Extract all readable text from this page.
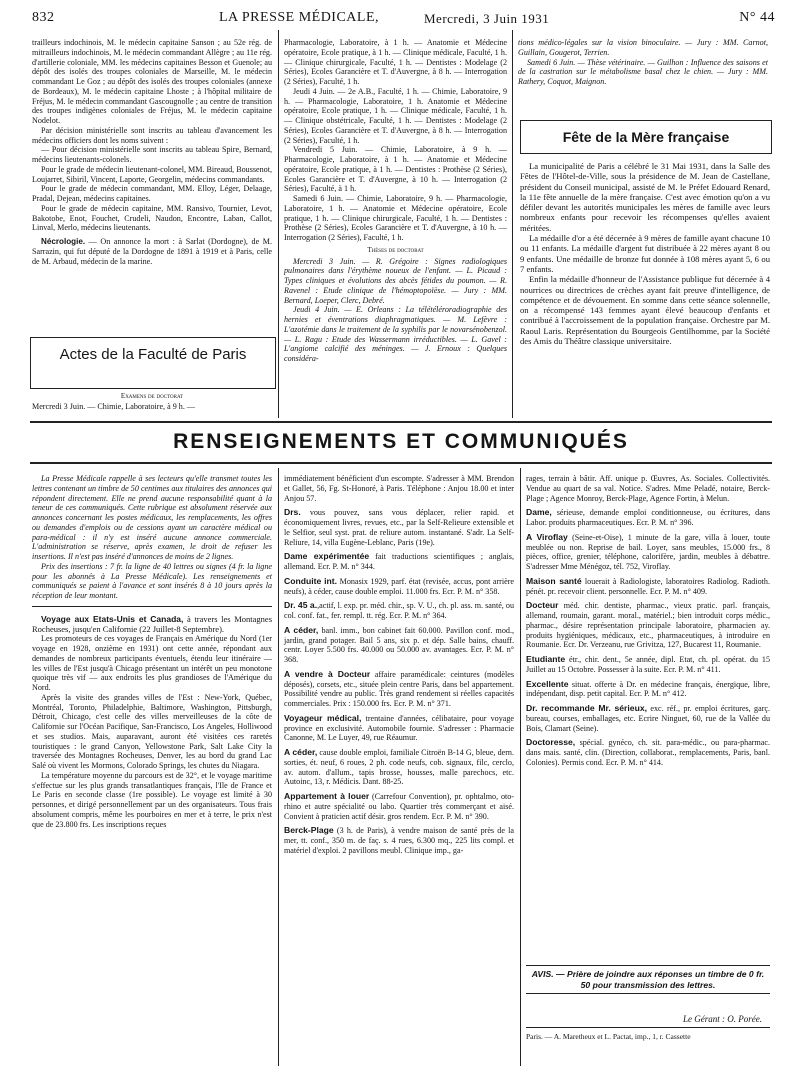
832	LA PRESSE MÉDICALE,	Mercredi, 3 Juin 1931	N° 44

trailleurs indochinois, M. le médecin capitaine Sanson ; au 52e rég. de mitrailleurs indochinois, M. le médecin commandant Allègre ; au 11e rég. d'artillerie coloniale, MM. les médecins capitaines Besson et Guenole; au dépôt des isolés des troupes coloniales de Marseille, M. le médecin commandant Le Goz ; au dépôt des isolés des troupes coloniales (annexe de Bordeaux), M. le médecin capitaine Lhoste ; à l'hôpital militaire de Fréjus, M. le médecin commandant Gascougnolle ; au centre de transition des troupes indigènes coloniales de Fréjus, M. le médecin capitaine Nodelot.

Par décision ministérielle sont inscrits au tableau d'avancement les médecins officiers dont les noms suivent :

— Pour décision ministérielle sont inscrits au tableau Spire, Bernard, médecins lieutenants-colonels.

Pour le grade de médecin lieutenant-colonel, MM. Bireaud, Boussenot, Loujarret, Sibiril, Vincent, Laporte, Georgelin, médecins commandants.

Pour le grade de médecin commandant, MM. Elloy, Léger, Delaage, Pradal, Dejean, médecins capitaines.

Pour le grade de médecin capitaine, MM. Ransivo, Tournier, Levot, Bakotobe, Enot, Fouchet, Crudeli, Naudon, Encontre, Laban, Callot, Linval, Merlo, médecins lieutenants.

Nécrologie. — On annonce la mort : à Sarlat (Dordogne), de M. Sarrazin, qui fut député de la Dordogne de 1891 à 1919 et à Paris, celle de M. Arbaud, médecin de la marine.

Actes de la Faculté de Paris
Examens de doctorat
Mercredi 3 Juin. — Chimie, Laboratoire, à 9 h. —

Pharmacologie, Laboratoire, à 1 h. — Anatomie et Médecine opératoire, Ecole pratique, à 1 h. — Clinique médicale, Faculté, 1 h. — Clinique chirurgicale, Faculté, 1 h. — Dentistes : Modelage (2 Séries), Ecoles Garancière et T. d'Auvergne, à 8 h. — Interrogation (2 Séries), Faculté, 1 h.

Jeudi 4 Juin. — 2e A.B., Faculté, 1 h. — Chimie, Laboratoire, 9 h. — Pharmacologie, Laboratoire, 1 h. Anatomie et Médecine opératoire, Ecole pratique, 1 h. — Clinique médicale, Faculté, 1 h. — Clinique obstétricale, Faculté, 1 h. — Dentistes : Modelage (2 Séries), Ecoles Garancière et T. d'Auvergne, à 8 h. — Interrogation (2 Séries), Faculté, 1 h.

Vendredi 5 Juin. — Chimie, Laboratoire, à 9 h. — Pharmacologie, Laboratoire, à 1 h. — Anatomie et Médecine opératoire, Ecole pratique, à 1 h. — Dentistes : Prothèse (2 Séries), Ecoles Garancière et T. d'Auvergne, à 10 h. — Interrogation (2 Séries), Faculté, à 1 h.

Samedi 6 Juin. — Chimie, Laboratoire, 9 h. — Pharmacologie, Laboratoire, 1 h. — Anatomie et Médecine opératoire, Ecole pratique, 1 h. — Clinique chirurgicale, Faculté, 1 h. — Dentistes : Prothèse (2 Séries), Ecoles Garancière et T. d'Auvergne, à 10 h. — Interrogation (2 Séries), Faculté, 1 h.

Thèses de doctorat

Mercredi 3 Juin. — R. Grégoire : Signes radiologiques pulmonaires dans l'érythème noueux de l'enfant. — L. Picaud : Types cliniques et évolutions des abcès fétides du poumon. — R. Ravenel : Etude clinique de l'hémoptopoïèse. — Jury : MM. Bernard, Loeper, Clerc, Debré.

Jeudi 4 Juin. — E. Orleans : La télétéléroradiographie des hernies et éventrations diaphragmatiques. — M. Lefèvre : L'azotémie dans le traitement de la syphilis par le novarsénobenzol. — L. Ragu : Etude des Wassermann irréductibles. — L. Gavel : L'angiome calcifié des méninges. — J. Ernoux : Quelques considéra-

tions médico-légales sur la vision binoculaire. — Jury : MM. Carnot, Guillain, Gougerot, Terrien.

Samedi 6 Juin. — Thèse vétérinaire. — Guilhon : Influence des saisons et de la castration sur le métabolisme basal chez le chien. — Jury : MM. Rathery, Coquot, Maignon.

Fête de la Mère française

La municipalité de Paris a célébré le 31 Mai 1931, dans la Salle des Fêtes de l'Hôtel-de-Ville, sous la présidence de M. Jean de Castellane, président du Conseil municipal, assisté de M. le Préfet Edouard Renard, la 11e fête annuelle de la mère française. C'est avec émotion qu'on a vu défiler devant les autorités municipales les mères de famille avec leurs nombreux enfants pour recevoir les récompenses qu'elles avaient méritées.

La médaille d'or a été décernée à 9 mères de famille ayant chacune 10 ou 11 enfants. La médaille d'argent fut distribuée à 22 mères ayant 8 ou 9 enfants. Une médaille de bronze fut donnée à 108 mères ayant 5, 6 ou 7 enfants.

Enfin la médaille d'honneur de l'Assistance publique fut décernée à 4 nourrices ou directrices de crèches ayant fait preuve d'intelligence, de compétence et de dévouement. En somme dans cette séance solennelle, on a récompensé 143 femmes ayant élevé beaucoup d'enfants et contribué à l'accroissement de la population française. Orchestre par M. Raoul Laris. Représentation du Bourgeois Gentilhomme, par la Société des Amis du Théâtre classique universitaire.

RENSEIGNEMENTS ET COMMUNIQUÉS

La Presse Médicale rappelle à ses lecteurs qu'elle transmet toutes les lettres contenant un timbre de 50 centimes aux titulaires des annonces qui répondent directement. Elle ne prend aucune responsabilité quant à la teneur de ces communiqués. Cette rubrique est absolument réservée aux annonces concernant les postes médicaux, les remplacements, les offres ou demandes d'emplois ou de cessions ayant un caractère médical ou para-médical : il n'y est inséré aucune annonce commerciale. L'administration se réserve, après examen, le droit de refuser les insertions. Il n'est pas inséré d'annonces de moins de 2 lignes.

Prix des insertions : 7 fr. la ligne de 40 lettres ou signes (4 fr. la ligne pour les abonnés à La Presse Médicale). Les renseignements et communiqués se paient à l'avance et sont insérés 8 à 10 jours après la réception de leur montant.

Voyage aux Etats-Unis et Canada, à travers les Montagnes Rocheuses, jusqu'en Californie (22 Juillet-8 Septembre).

Les promoteurs de ces voyages de Français en Amérique du Nord (1er voyage en 1928, onzième en 1931) ont cette année, répondant aux demandes de nombreux participants éventuels, étendu leur itinéraire — les villes de l'Est jusqu'à Chicago présentant un intérêt un peu monotone quoique très vif — aux endroits les plus grandioses de l'Amérique du Nord.

Après la visite des grandes villes de l'Est : New-York, Québec, Montréal, Toronto, Philadelphie, Baltimore, Washington, Pittsburgh, Détroit, Chicago, c'est celle des villes merveilleuses de la côte de Californie sur l'Océan Pacifique, San-Francisco, Los Angeles, Holliwood et ses studios. Mais, auparavant, auront été visitées ces raretés touristiques : le grand Canyon, Yellowstone Park, Salt Lake City la traversée des Montagnes Rocheuses, Denver, les au bord du grand Lac Salé où vivent les Mormons, Colorado Springs, les chutes du Niagara.

La température moyenne du parcours est de 32°, et le voyage maritime s'effectue sur les plus grands transatlantiques français, l'Ile de France et Le Paris en seconde classe (1re possible). Le voyage est limité à 30 personnes, et dirigé personnellement par un des organisateurs. Tous frais absolument compris, même les pourboires en mer et à terre, le prix n'est que de 23.800 frs. Les inscriptions reçues

immédiatement bénéficient d'un escompte. S'adresser à MM. Brendon et Gallet, 56, Fg. St-Honoré, à Paris. Téléphone : Anjou 18.00 et inter Anjou 57.
Drs. vous pouvez, sans vous déplacer, relier rapid. et économiquement livres, revues, etc., par la Self-Relieure extensible et le Selfior, seul syst. prat. de reliure autom. instantané. S'adr. La Self-Reliure, 14, villa Eugène-Leblanc, Paris (19e).
Dame expérimentée fait traductions scientifiques ; anglais, allemand. Ecr. P. M. n° 344.
Conduite int. Monasix 1929, parf. état (revisée, accus, pont arrière neufs), à céder, cause double emploi. 11.000 frs. Ecr. P. M. n° 358.
Dr. 45 a.,actif, l. exp. pr. méd. chir., sp. V. U., ch. pl. ass. m. santé, ou col. conf. fat., fer. rempl. tt. rég. Ecr. P. M. n° 364.
A céder, banl. imm., bon cabinet fait 60.000. Pavillon conf. mod., jardin, grand potager. Bail 5 ans, six p. et dép. Salle bains, chauff. centr. Loyer 5.500 frs. 40.000 ou 50.000 av. avantages. Ecr. P. M. n° 368.
A vendre à Docteur affaire paramédicale: ceintures (modèles déposés), corsets, etc., située plein centre Paris, dans bel appartement. Possibilité vendre au public. Très grand rendement si réelles capacités commerciales. Prix : 150.000 frs. Ecr. P. M. n° 371.
Voyageur médical, trentaine d'années, célibataire, pour voyage province en exclusivité. Automobile fournie. S'adresser : Pharmacie Canonne, M. Le Luyer, 49, rue Réaumur.
A céder, cause double emploi, familiale Citroën B-14 G, bleue, dern. sorties, ét. neuf, 6 roues, 2 ph. code neufs, cob. signaux, filc, cerclo, av. autom. d'allum., tapis brosse, housses, malle parechocs, etc. Autoinc, 13, r. Médicis. Dant. 88-25.
Appartement à louer (Carrefour Convention), pr. ophtalmo, oto-rhino et autre spécialité ou labo. Quartier très commerçant et aisé. Convient à praticien actif désir. gros rendem. Ecr. P. M. n° 390.
Berck-Plage (3 h. de Paris), à vendre maison de santé près de la mer, tt. conf., 350 m. de faç. s. 4 rues, 6.300 mq., 225 lits compl. et matériel d'exploi. 2 pavillons meubl. Clinique imp., ga-
rages, terrain à bâtir. Aff. unique p. Œuvres, As. Sociales. Collectivités. Vendue au quart de sa val. Notice. S'adres. Mme Peladé, notaire, Berck-Plage ; Agence Monroy, Berck-Plage, Agence Fortin, à Melun.
Dame, sérieuse, demande emploi conditionneuse, ou écritures, dans Labor. produits pharmaceutiques. Ecr. P. M. n° 396.
A Viroflay (Seine-et-Oise), 1 minute de la gare, villa à louer, toute meublée ou non. Reprise de bail. Loyer, sans meubles, 15.000 frs., 8 pièces, office, grenier, téléphone, calorifère, jardin, meubles à débattre. S'adresser Mme Ménégoz, tél. 752, Viroflay.
Maison santé louerait à Radiologiste, laboratoires Radiolog. Radioth. pénét. pr. recevoir client. personnelle. Ecr. P. M. n° 409.
Docteur méd. chir. dentiste, pharmac., vieux pratic. parl. français, allemand, roumain, garant. moral., matériel.; bien introduit corps médic., pharmac., désire représentation principale laboratoire, pharmacien ay. produits hygiéniques, médicaux, etc., pharmaceutiques, à introduire en Roumanie. Ecr. Dr. Verzeanu, rue Grivitza, 127, Bucarest 11, Roumanie.
Etudiante étr., chir. dent., 5e année, dipl. Etat, ch. pl. opérat. du 15 Juillet au 15 Octobre. Possesser à la suite. Ecr. P. M. n° 411.
Excellente situat. offerte à Dr. en médecine français, énergique, libre, indépendant, disp. petit capital. Ecr. P. M. n° 412.
Dr. recommande Mr. sérieux, exc. réf., pr. emploi écritures, garç. bureau, courses, emballages, etc. Ecrire Ninguet, 60, rue de la Vallée du Bois, Clamart (Seine).
Doctoresse, spécial. gynéco, ch. sit. para-médic., ou para-pharmac. dans mais. santé, clin. (Direction, collaborat., remplacements, Paris, banl. Colonies). Permis cond. Ecr. P. M. n° 414.
AVIS. — Prière de joindre aux réponses un timbre de 0 fr. 50 pour transmission des lettres.
Le Gérant : O. Porée.
Paris. — A. Maretheux et L. Pactat, imp., 1, r. Cassette
